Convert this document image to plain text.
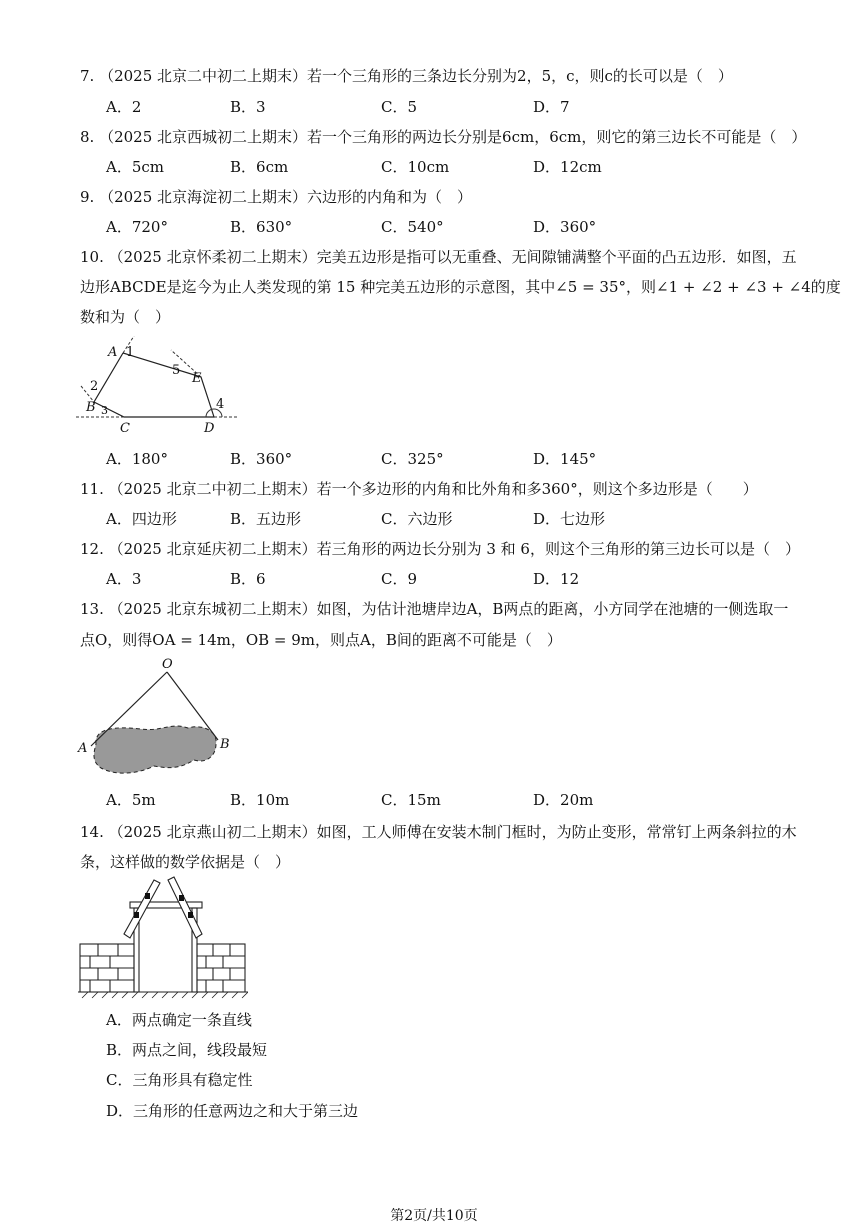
7. （2025 北京二中初二上期末）若一个三角形的三条边长分别为2，5，c，则c的长可以是（　）
A．2	B．3	C．5	D．7
8. （2025 北京西城初二上期末）若一个三角形的两边长分别是6cm，6cm，则它的第三边长不可能是（　）
A．5cm	B．6cm	C．10cm	D．12cm
9. （2025 北京海淀初二上期末）六边形的内角和为（　）
A．720°	B．630°	C．540°	D．360°
10. （2025 北京怀柔初二上期末）完美五边形是指可以无重叠、无间隙铺满整个平面的凸五边形．如图，五
边形ABCDE是迄今为止人类发现的第 15 种完美五边形的示意图，其中∠5 = 35°，则∠1 + ∠2 + ∠3 + ∠4的度
数和为（　）
A 1
5
E
2
B 3
C	D
4
A．180°	B．360°	C．325°	D．145°
11. （2025 北京二中初二上期末）若一个多边形的内角和比外角和多360°，则这个多边形是（　　）
A．四边形	B．五边形	C．六边形	D．七边形
12. （2025 北京延庆初二上期末）若三角形的两边长分别为 3 和 6，则这个三角形的第三边长可以是（　）
A．3	B．6	C．9	D．12
13. （2025 北京东城初二上期末）如图，为估计池塘岸边A，B两点的距离，小方同学在池塘的一侧选取一
点O，则得OA = 14m，OB = 9m，则点A，B间的距离不可能是（　）
O
A	B
A．5m	B．10m	C．15m	D．20m
14. （2025 北京燕山初二上期末）如图，工人师傅在安装木制门框时，为防止变形，常常钉上两条斜拉的木
条，这样做的数学依据是（　）
A．两点确定一条直线
B．两点之间，线段最短
C．三角形具有稳定性
D．三角形的任意两边之和大于第三边
第2页/共10页
